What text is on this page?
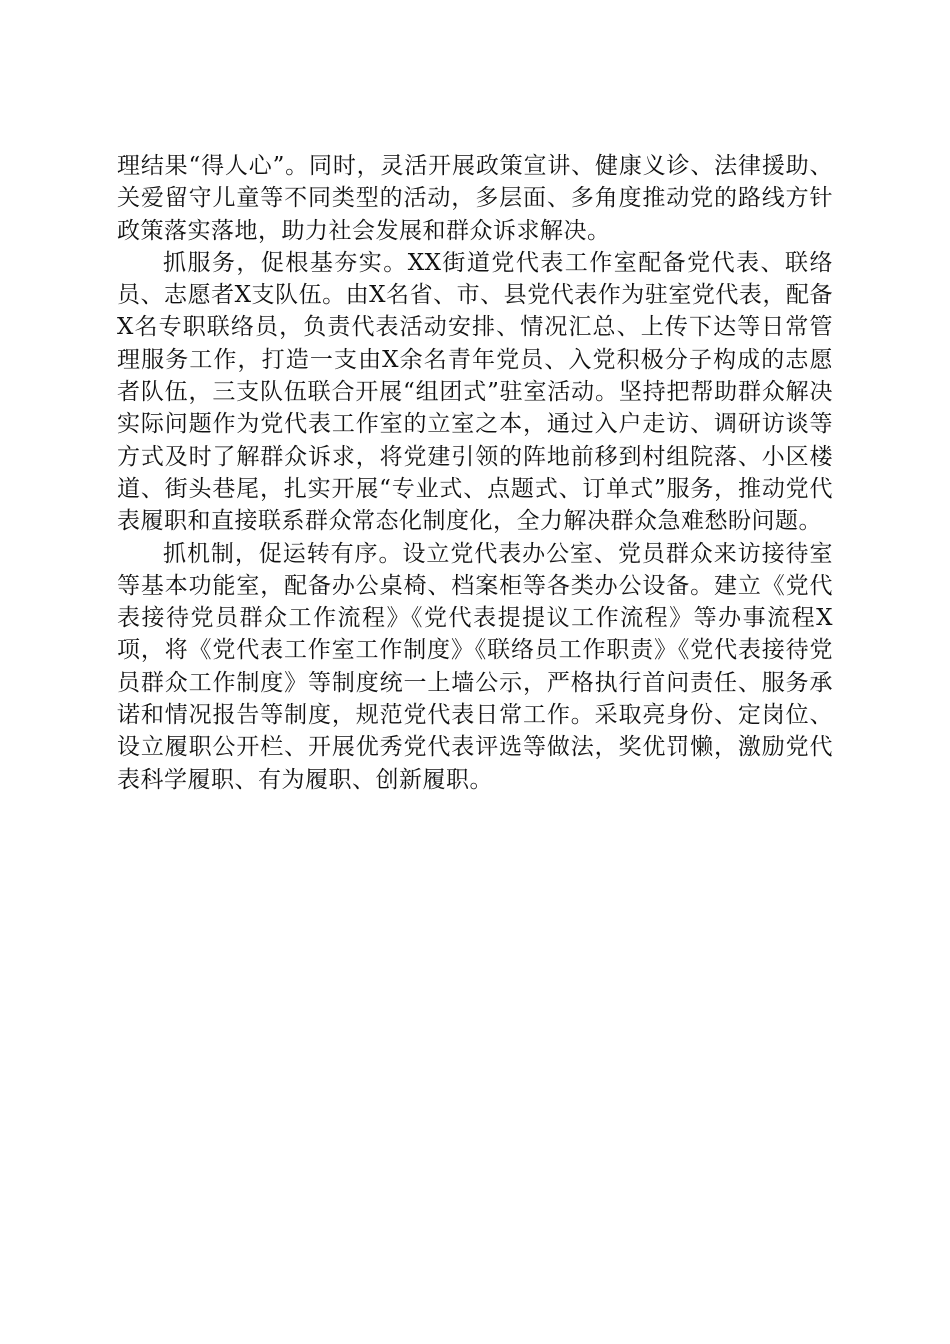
理结果“得人心”。同时，灵活开展政策宣讲、健康义诊、法律援助、关爱留守儿童等不同类型的活动，多层面、多角度推动党的路线方针政策落实落地，助力社会发展和群众诉求解决。

抓服务，促根基夯实。XX街道党代表工作室配备党代表、联络员、志愿者X支队伍。由X名省、市、县党代表作为驻室党代表，配备X名专职联络员，负责代表活动安排、情况汇总、上传下达等日常管理服务工作，打造一支由X余名青年党员、入党积极分子构成的志愿者队伍，三支队伍联合开展“组团式”驻室活动。坚持把帮助群众解决实际问题作为党代表工作室的立室之本，通过入户走访、调研访谈等方式及时了解群众诉求，将党建引领的阵地前移到村组院落、小区楼道、街头巷尾，扎实开展“专业式、点题式、订单式”服务，推动党代表履职和直接联系群众常态化制度化，全力解决群众急难愁盼问题。

抓机制，促运转有序。设立党代表办公室、党员群众来访接待室等基本功能室，配备办公桌椅、档案柜等各类办公设备。建立《党代表接待党员群众工作流程》《党代表提提议工作流程》等办事流程X项，将《党代表工作室工作制度》《联络员工作职责》《党代表接待党员群众工作制度》等制度统一上墙公示，严格执行首问责任、服务承诺和情况报告等制度，规范党代表日常工作。采取亮身份、定岗位、设立履职公开栏、开展优秀党代表评选等做法，奖优罚懒，激励党代表科学履职、有为履职、创新履职。
